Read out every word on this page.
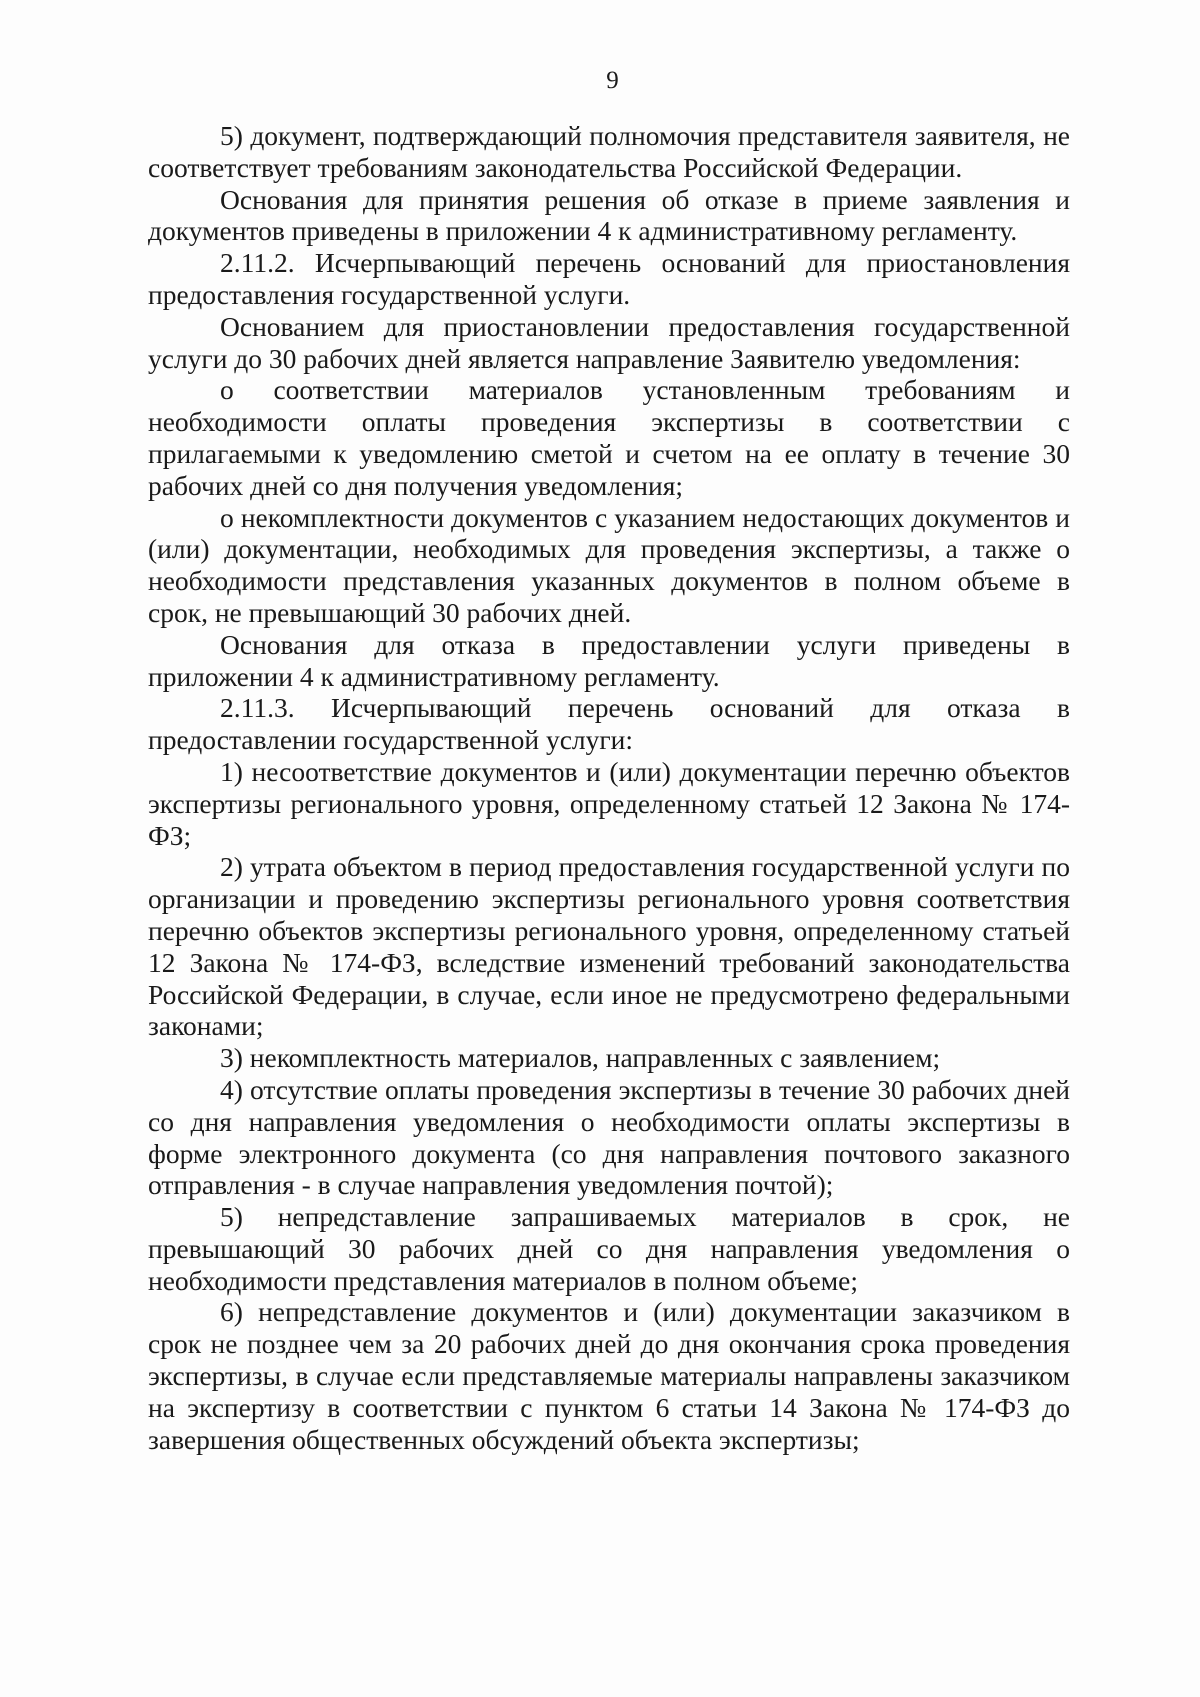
9

5) документ, подтверждающий полномочия представителя заявителя, не соответствует требованиям законодательства Российской Федерации.

Основания для принятия решения об отказе в приеме заявления и документов приведены в приложении 4 к административному регламенту.

2.11.2. Исчерпывающий перечень оснований для приостановления предоставления государственной услуги.

Основанием для приостановлении предоставления государственной услуги до 30 рабочих дней является направление Заявителю уведомления:

о соответствии материалов установленным требованиям и необходимости оплаты проведения экспертизы в соответствии с прилагаемыми к уведомлению сметой и счетом на ее оплату в течение 30 рабочих дней со дня получения уведомления;

о некомплектности документов с указанием недостающих документов и (или) документации, необходимых для проведения экспертизы, а также о необходимости представления указанных документов в полном объеме в срок, не превышающий 30 рабочих дней.

Основания для отказа в предоставлении услуги приведены в приложении 4 к административному регламенту.

2.11.3. Исчерпывающий перечень оснований для отказа в предоставлении государственной услуги:

1) несоответствие документов и (или) документации перечню объектов экспертизы регионального уровня, определенному статьей 12 Закона № 174-ФЗ;

2) утрата объектом в период предоставления государственной услуги по организации и проведению экспертизы регионального уровня соответствия перечню объектов экспертизы регионального уровня, определенному статьей 12 Закона № 174-ФЗ, вследствие изменений требований законодательства Российской Федерации, в случае, если иное не предусмотрено федеральными законами;

3) некомплектность материалов, направленных с заявлением;

4) отсутствие оплаты проведения экспертизы в течение 30 рабочих дней со дня направления уведомления о необходимости оплаты экспертизы в форме электронного документа (со дня направления почтового заказного отправления - в случае направления уведомления почтой);

5) непредставление запрашиваемых материалов в срок, не превышающий 30 рабочих дней со дня направления уведомления о необходимости представления материалов в полном объеме;

6) непредставление документов и (или) документации заказчиком в срок не позднее чем за 20 рабочих дней до дня окончания срока проведения экспертизы, в случае если представляемые материалы направлены заказчиком на экспертизу в соответствии с пунктом 6 статьи 14 Закона № 174-ФЗ до завершения общественных обсуждений объекта экспертизы;
